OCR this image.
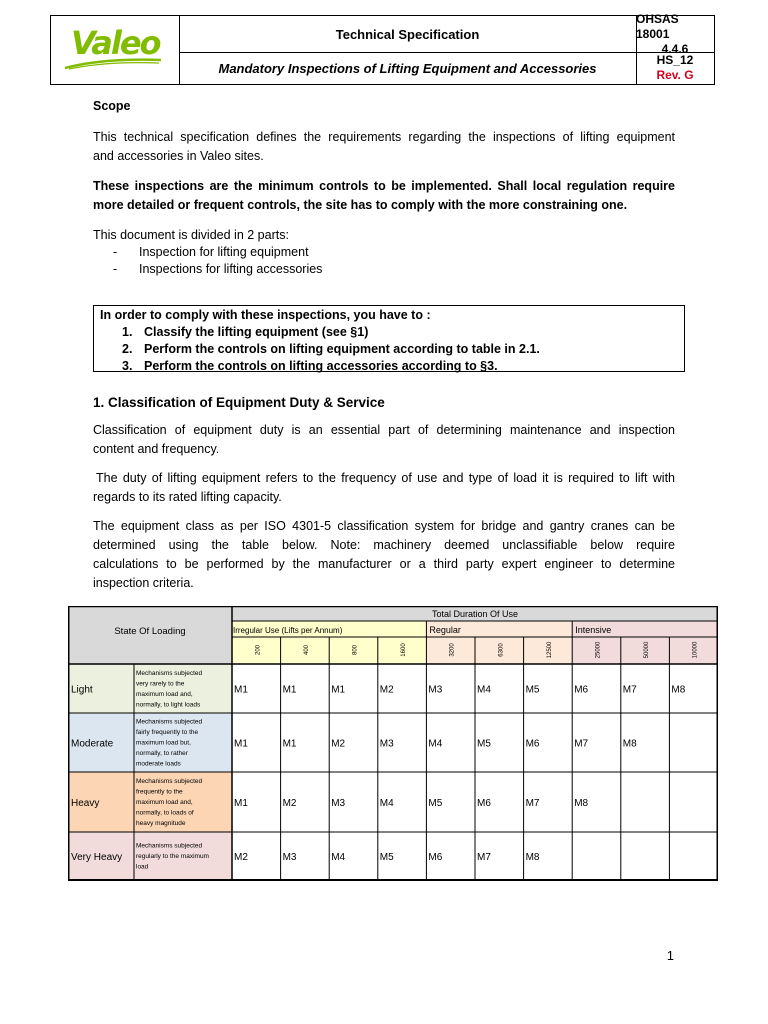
Valeo	Technical Specification
Mandatory Inspections of Lifting Equipment and Accessories
OHSAS 18001
4.4.6
HS_12
Rev. G
Scope
This technical specification defines the requirements regarding the inspections of lifting equipment
and accessories in Valeo sites.
These inspections are the minimum controls to be implemented. Shall local regulation require
more detailed or frequent controls, the site has to comply with the more constraining one.
This document is divided in 2 parts:
- Inspection for lifting equipment
- Inspections for lifting accessories
In order to comply with these inspections, you have to :
1. Classify the lifting equipment (see §1)
2. Perform the controls on lifting equipment according to table in 2.1.
3. Perform the controls on lifting accessories according to §3.
1. Classification of Equipment Duty & Service
Classification of equipment duty is an essential part of determining maintenance and inspection
content and frequency.
The duty of lifting equipment refers to the frequency of use and type of load it is required to lift with
regards to its rated lifting capacity.
The equipment class as per ISO 4301-5 classification system for bridge and gantry cranes can be
determined using the table below. Note: machinery deemed unclassifiable below require
calculations to be performed by the manufacturer or a third party expert engineer to determine
inspection criteria.
State Of Loading
Total Duration Of Use
Irregular Use (Lifts per Annum)	Regular	Intensive
200	400	800	1600	3200	6300	12500	25000	50000	10000
Light
Mechanisms subjected
very rarely to the
maximum load and,
normally, to light loads
M1	M1	M1	M2	M3	M4	M5	M6	M7	M8
Moderate
Mechanisms subjected
fairly frequently to the
maximum load but,
normally, to rather
moderate loads
M1	M1	M2	M3	M4	M5	M6	M7	M8
Heavy
Mechanisms subjected
frequently to the
maximum load and,
normally, to loads of
heavy magnitude
M1	M2	M3	M4	M5	M6	M7	M8
Very Heavy
Mechanisms subjected
regularly to the maximum
load
M2	M3	M4	M5	M6	M7	M8
1
